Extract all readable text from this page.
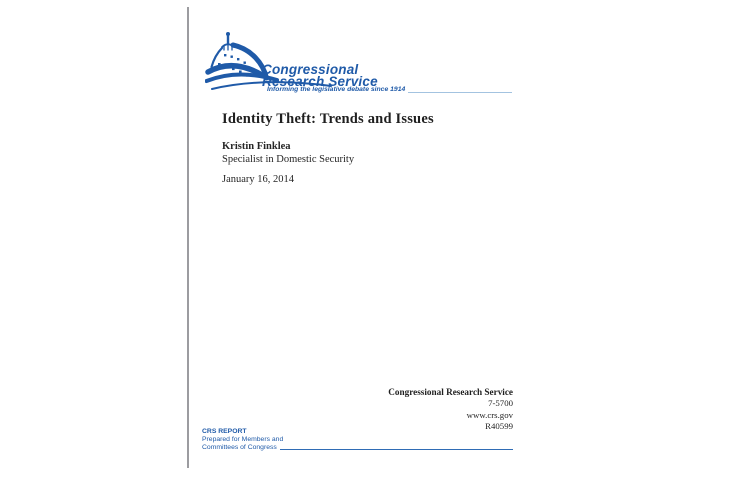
Congressional
Research Service
Informing the legislative debate since 1914
Identity Theft: Trends and Issues
Kristin Finklea
Specialist in Domestic Security
January 16, 2014
Congressional Research Service
7-5700
www.crs.gov
R40599
CRS REPORT
Prepared for Members and
Committees of Congress
